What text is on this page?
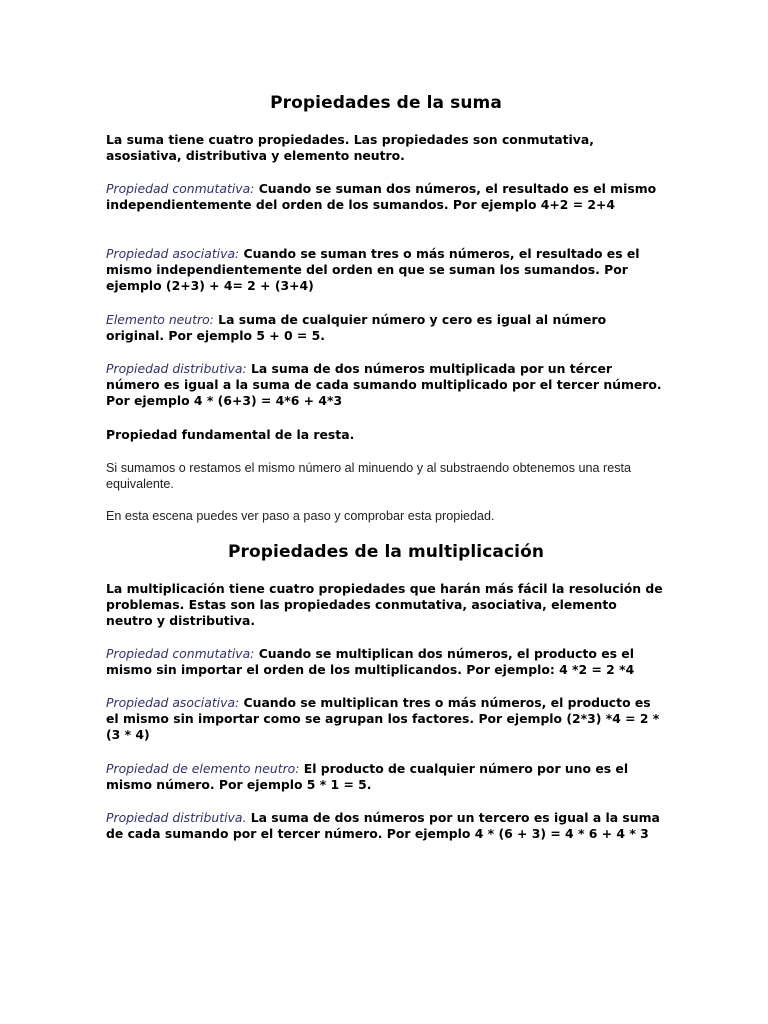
Propiedades de la suma

La suma tiene cuatro propiedades. Las propiedades son conmutativa, asosiativa, distributiva y elemento neutro.

Propiedad conmutativa: Cuando se suman dos números, el resultado es el mismo independientemente del orden de los sumandos. Por ejemplo 4+2 = 2+4

Propiedad asociativa: Cuando se suman tres o más números, el resultado es el mismo independientemente del orden en que se suman los sumandos. Por ejemplo (2+3) + 4= 2 + (3+4)

Elemento neutro: La suma de cualquier número y cero es igual al número original. Por ejemplo 5 + 0 = 5.

Propiedad distributiva: La suma de dos números multiplicada por un tércer número es igual a la suma de cada sumando multiplicado por el tercer número. Por ejemplo 4 * (6+3) = 4*6 + 4*3

Propiedad fundamental de la resta.

Si sumamos o restamos el mismo número al minuendo y al substraendo obtenemos una resta equivalente.

En esta escena puedes ver paso a paso y comprobar esta propiedad.

Propiedades de la multiplicación

La multiplicación tiene cuatro propiedades que harán más fácil la resolución de problemas. Estas son las propiedades conmutativa, asociativa, elemento neutro y distributiva.

Propiedad conmutativa: Cuando se multiplican dos números, el producto es el mismo sin importar el orden de los multiplicandos. Por ejemplo: 4 *2 = 2 *4

Propiedad asociativa: Cuando se multiplican tres o más números, el producto es el mismo sin importar como se agrupan los factores. Por ejemplo (2*3) *4 = 2 * (3 * 4)

Propiedad de elemento neutro: El producto de cualquier número por uno es el mismo número. Por ejemplo 5 * 1 = 5.

Propiedad distributiva. La suma de dos números por un tercero es igual a la suma de cada sumando por el tercer número. Por ejemplo 4 * (6 + 3) = 4 * 6 + 4 * 3
